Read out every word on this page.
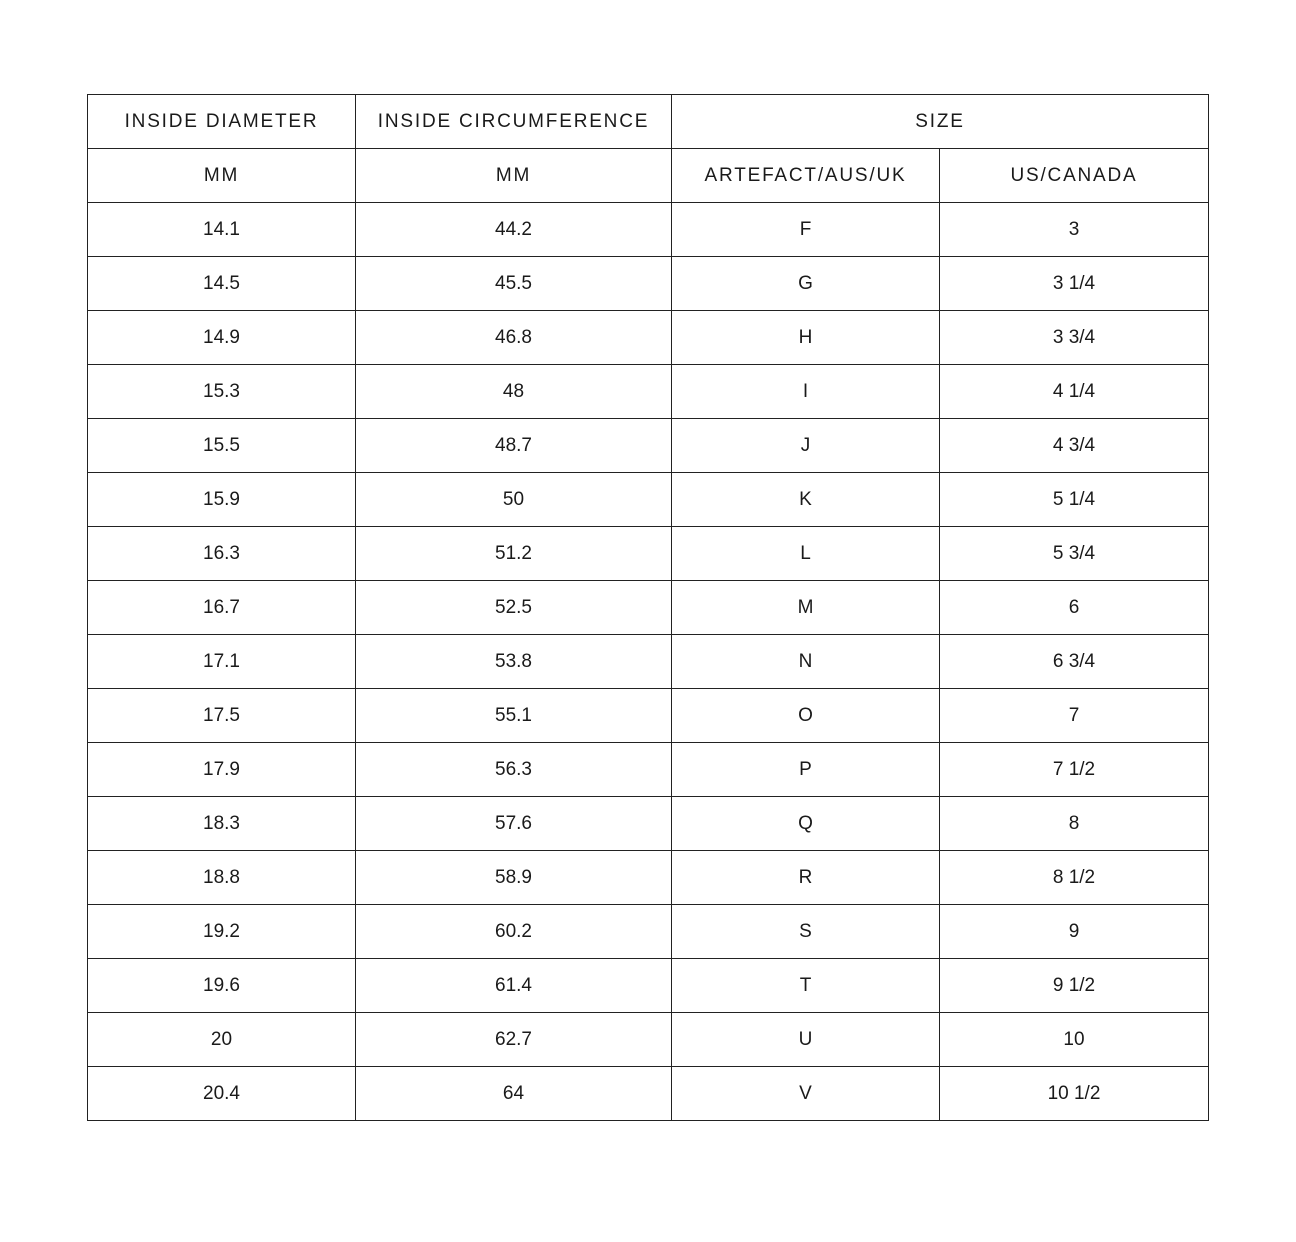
INSIDE DIAMETER	INSIDE CIRCUMFERENCE	SIZE	
MM	MM	ARTEFACT/AUS/UK	US/CANADA
14.1	44.2	F	3
14.5	45.5	G	3 1/4
14.9	46.8	H	3 3/4
15.3	48	I	4 1/4
15.5	48.7	J	4 3/4
15.9	50	K	5 1/4
16.3	51.2	L	5 3/4
16.7	52.5	M	6
17.1	53.8	N	6 3/4
17.5	55.1	O	7
17.9	56.3	P	7 1/2
18.3	57.6	Q	8
18.8	58.9	R	8 1/2
19.2	60.2	S	9
19.6	61.4	T	9 1/2
20	62.7	U	10
20.4	64	V	10 1/2
